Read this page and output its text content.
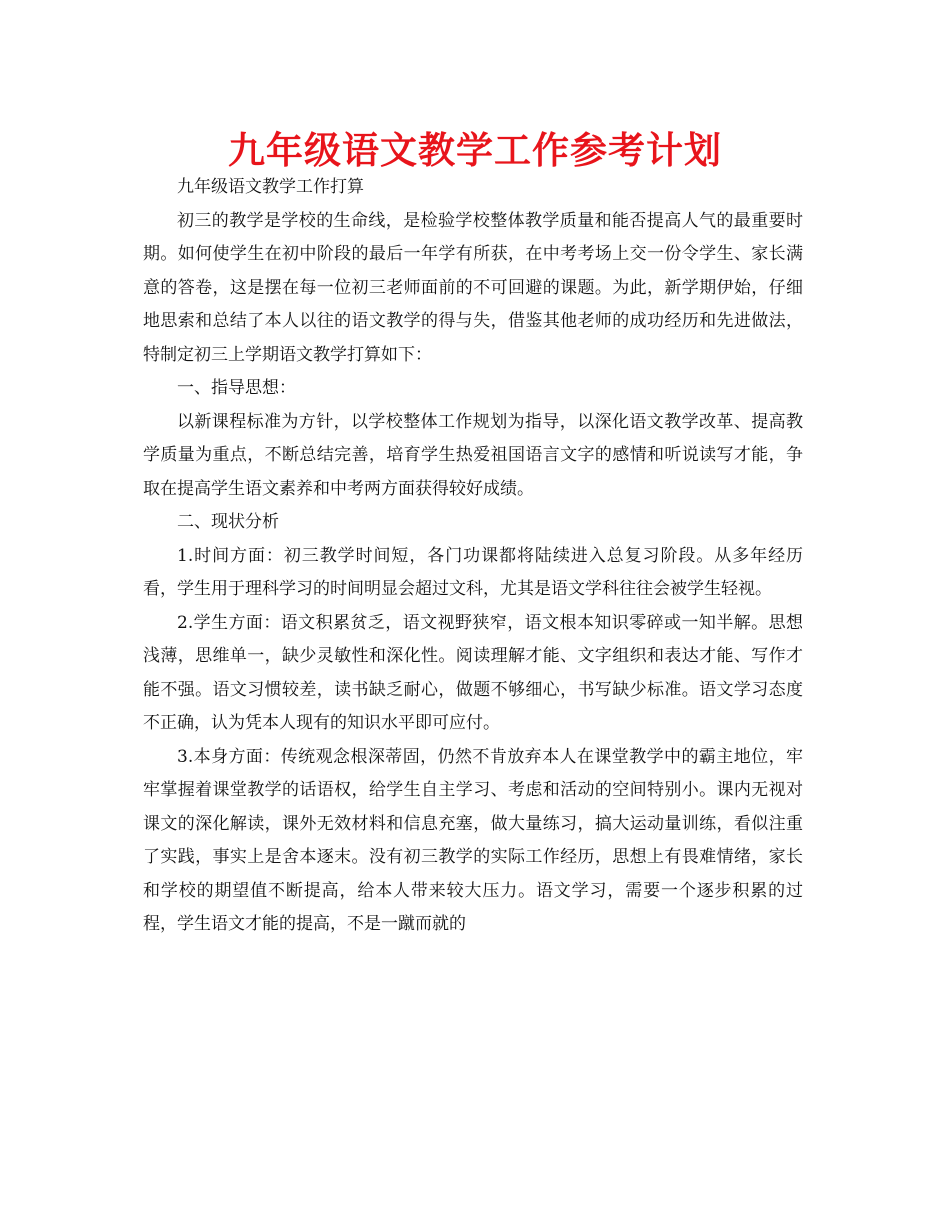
九年级语文教学工作参考计划

九年级语文教学工作打算

初三的教学是学校的生命线，是检验学校整体教学质量和能否提高人气的最重要时期。如何使学生在初中阶段的最后一年学有所获，在中考考场上交一份令学生、家长满意的答卷，这是摆在每一位初三老师面前的不可回避的课题。为此，新学期伊始，仔细地思索和总结了本人以往的语文教学的得与失，借鉴其他老师的成功经历和先进做法，特制定初三上学期语文教学打算如下：

一、指导思想：

以新课程标准为方针，以学校整体工作规划为指导，以深化语文教学改革、提高教学质量为重点，不断总结完善，培育学生热爱祖国语言文字的感情和听说读写才能，争取在提高学生语文素养和中考两方面获得较好成绩。

二、现状分析

1.时间方面：初三教学时间短，各门功课都将陆续进入总复习阶段。从多年经历看，学生用于理科学习的时间明显会超过文科，尤其是语文学科往往会被学生轻视。

2.学生方面：语文积累贫乏，语文视野狭窄，语文根本知识零碎或一知半解。思想浅薄，思维单一，缺少灵敏性和深化性。阅读理解才能、文字组织和表达才能、写作才能不强。语文习惯较差，读书缺乏耐心，做题不够细心，书写缺少标准。语文学习态度不正确，认为凭本人现有的知识水平即可应付。

3.本身方面：传统观念根深蒂固，仍然不肯放弃本人在课堂教学中的霸主地位，牢牢掌握着课堂教学的话语权，给学生自主学习、考虑和活动的空间特别小。课内无视对课文的深化解读，课外无效材料和信息充塞，做大量练习，搞大运动量训练，看似注重了实践，事实上是舍本逐末。没有初三教学的实际工作经历，思想上有畏难情绪，家长和学校的期望值不断提高，给本人带来较大压力。语文学习，需要一个逐步积累的过程，学生语文才能的提高，不是一蹴而就的
